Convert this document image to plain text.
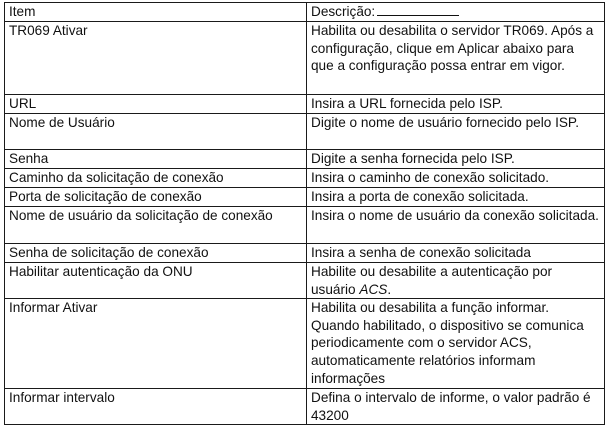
Item	Descrição:
TR069 Ativar	Habilita ou desabilita o servidor TR069. Após a configuração, clique em Aplicar abaixo para que a configuração possa entrar em vigor.
URL	Insira a URL fornecida pelo ISP.
Nome de Usuário	Digite o nome de usuário fornecido pelo ISP.
Senha	Digite a senha fornecida pelo ISP.
Caminho da solicitação de conexão	Insira o caminho de conexão solicitado.
Porta de solicitação de conexão	Insira a porta de conexão solicitada.
Nome de usuário da solicitação de conexão	Insira o nome de usuário da conexão solicitada.
Senha de solicitação de conexão	Insira a senha de conexão solicitada
Habilitar autenticação da ONU	Habilite ou desabilite a autenticação por usuário ACS.
Informar Ativar	Habilita ou desabilita a função informar. Quando habilitado, o dispositivo se comunica periodicamente com o servidor ACS, automaticamente relatórios informam informações
Informar intervalo	Defina o intervalo de informe, o valor padrão é 43200
